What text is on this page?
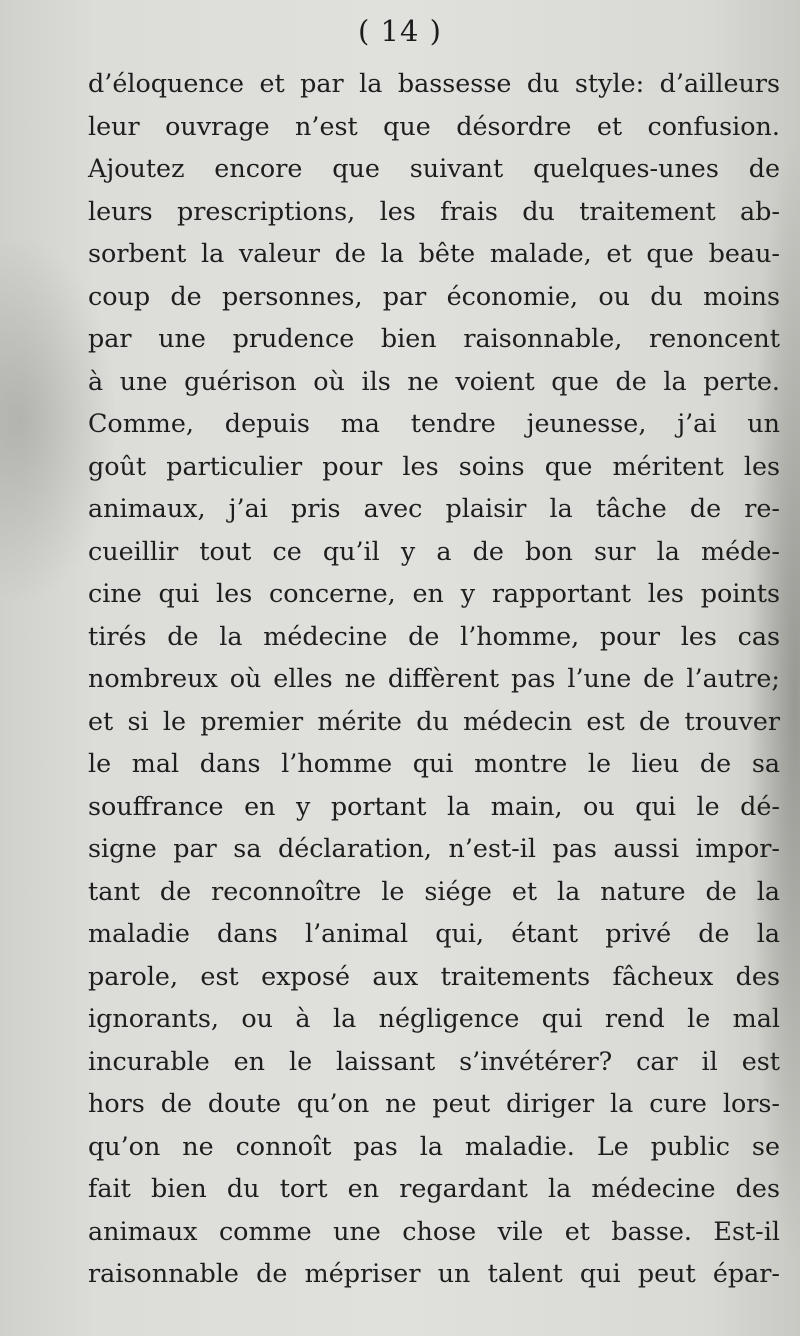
( 14 )
d’éloquence et par la bassesse du style: d’ailleurs
leur ouvrage n’est que désordre et confusion.
Ajoutez encore que suivant quelques-unes de
leurs prescriptions, les frais du traitement ab-
sorbent la valeur de la bête malade, et que beau-
coup de personnes, par économie, ou du moins
par une prudence bien raisonnable, renoncent
à une guérison où ils ne voient que de la perte.
Comme, depuis ma tendre jeunesse, j’ai un
goût particulier pour les soins que méritent les
animaux, j’ai pris avec plaisir la tâche de re-
cueillir tout ce qu’il y a de bon sur la méde-
cine qui les concerne, en y rapportant les points
tirés de la médecine de l’homme, pour les cas
nombreux où elles ne diffèrent pas l’une de l’autre;
et si le premier mérite du médecin est de trouver
le mal dans l’homme qui montre le lieu de sa
souffrance en y portant la main, ou qui le dé-
signe par sa déclaration, n’est-il pas aussi impor-
tant de reconnoître le siége et la nature de la
maladie dans l’animal qui, étant privé de la
parole, est exposé aux traitements fâcheux des
ignorants, ou à la négligence qui rend le mal
incurable en le laissant s’invétérer? car il est
hors de doute qu’on ne peut diriger la cure lors-
qu’on ne connoît pas la maladie. Le public se
fait bien du tort en regardant la médecine des
animaux comme une chose vile et basse. Est-il
raisonnable de mépriser un talent qui peut épar-
